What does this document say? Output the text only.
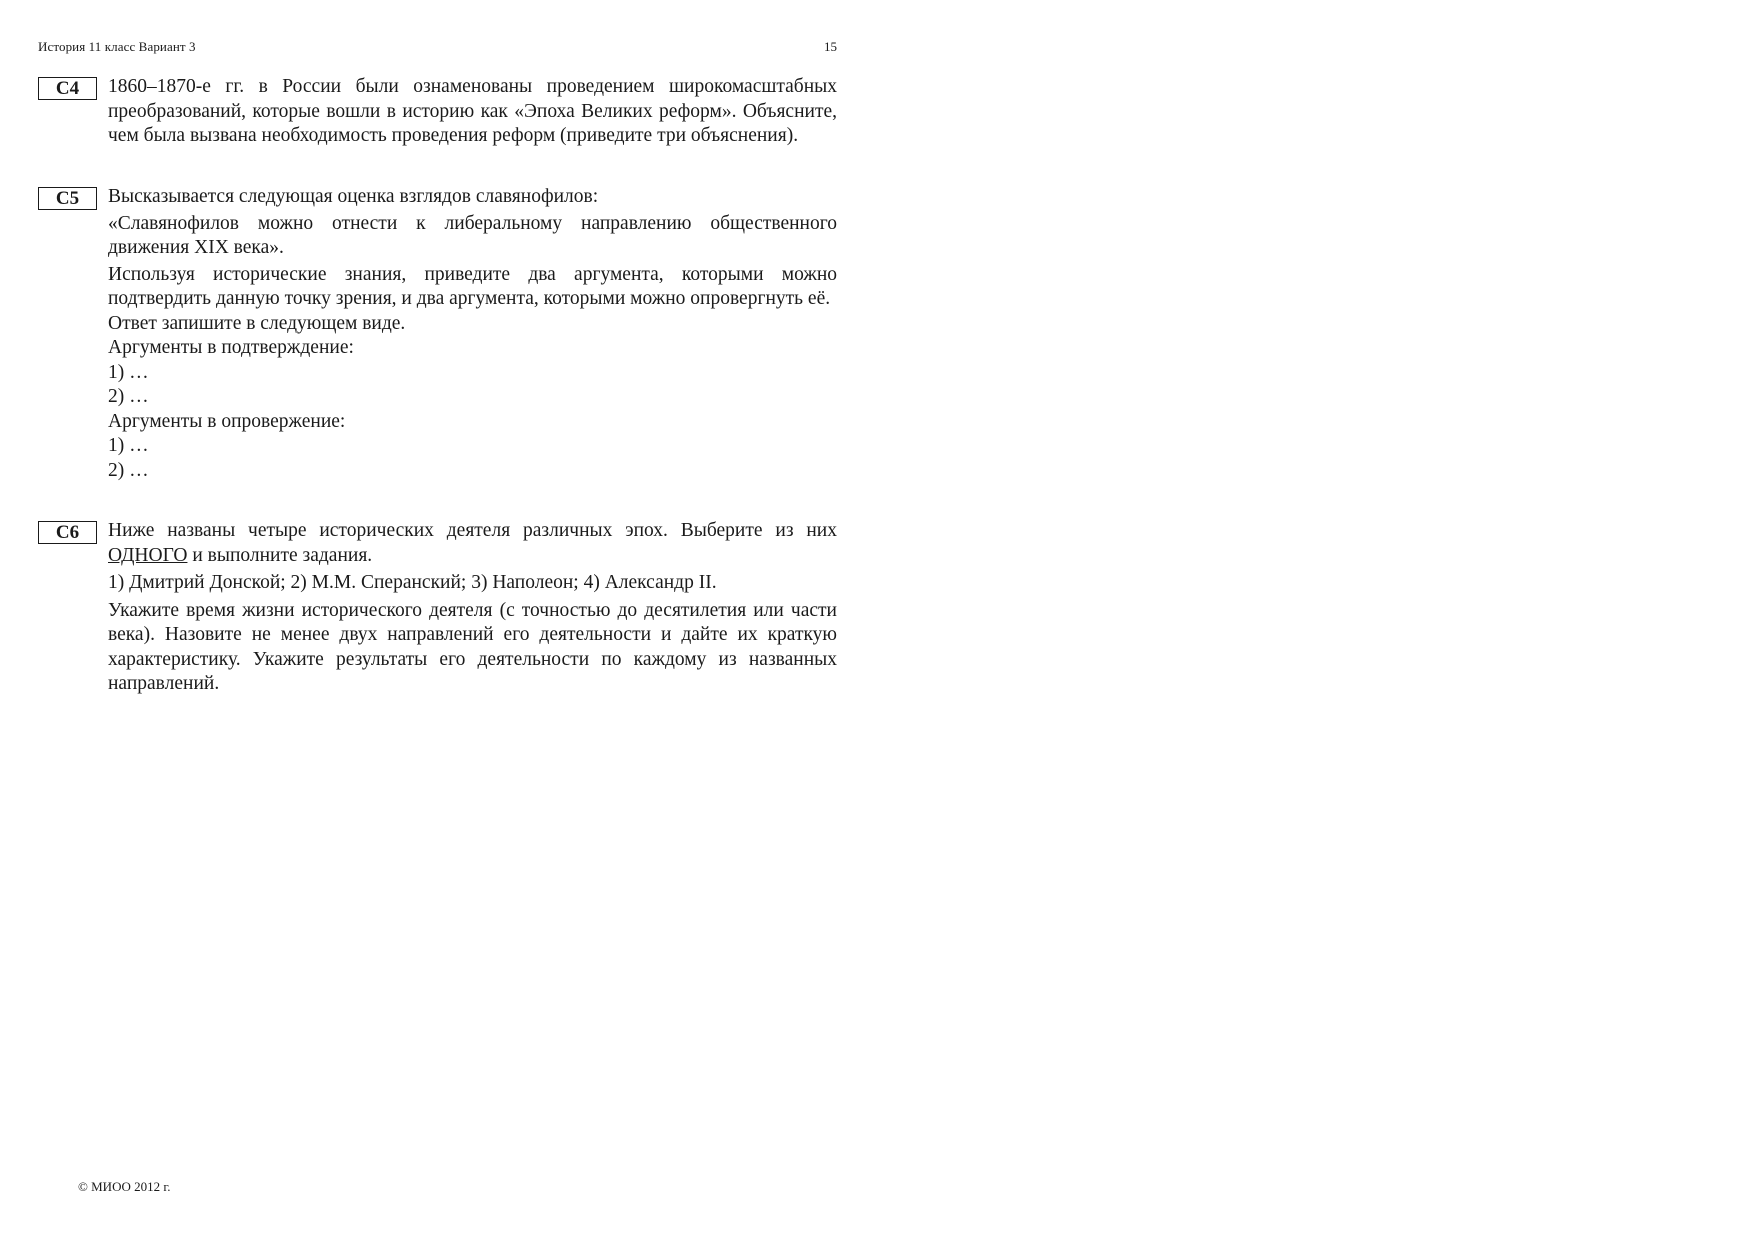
История 11 класс Вариант 3	15
C4	1860–1870-е гг. в России были ознаменованы проведением широкомасштабных преобразований, которые вошли в историю как «Эпоха Великих реформ». Объясните, чем была вызвана необходимость проведения реформ (приведите три объяснения).

C5	Высказывается следующая оценка взглядов славянофилов:

«Славянофилов можно отнести к либеральному направлению общественного движения XIX века».

Используя исторические знания, приведите два аргумента, которыми можно подтвердить данную точку зрения, и два аргумента, которыми можно опровергнуть её.

Ответ запишите в следующем виде.

Аргументы в подтверждение:

1) …

2) …

Аргументы в опровержение:

1) …

2) …

C6	Ниже названы четыре исторических деятеля различных эпох. Выберите из них ОДНОГО и выполните задания.

1) Дмитрий Донской; 2) М.М. Сперанский; 3) Наполеон; 4) Александр II.

Укажите время жизни исторического деятеля (с точностью до десятилетия или части века). Назовите не менее двух направлений его деятельности и дайте их краткую характеристику. Укажите результаты его деятельности по каждому из названных направлений.

© МИОО 2012 г.
